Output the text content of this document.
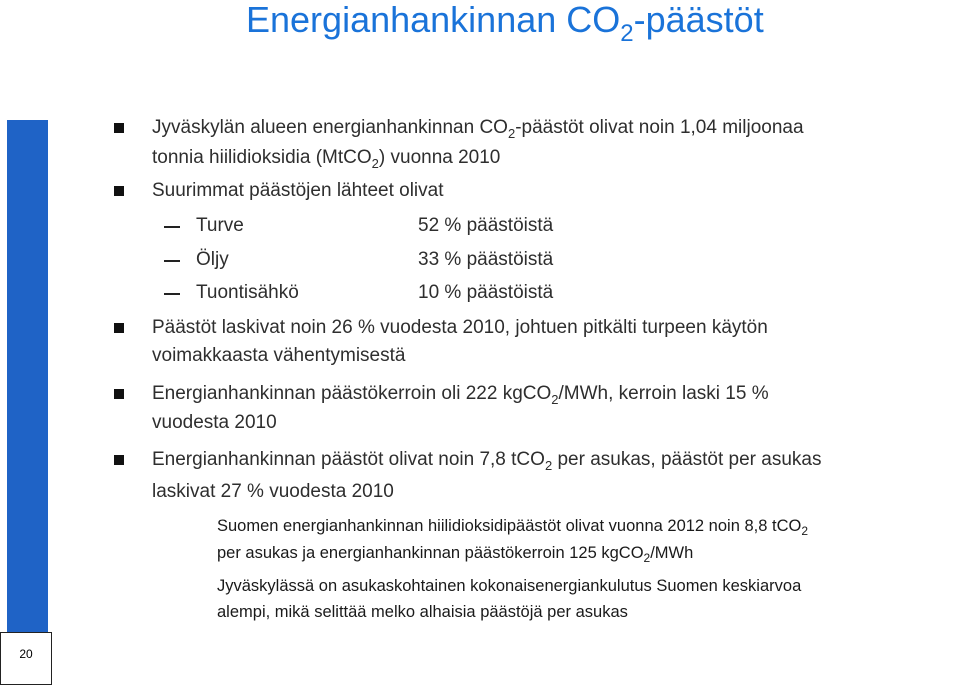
20
Energianhankinnan $CO_2$-päästöt
Jyväskylän alueen energianhankinnan $CO_2$-päästöt olivat noin 1,04 miljoonaa
tonnia hiilidioksidia (MtCO$_2$) vuonna 2010
Suurimmat päästöjen lähteet olivat
Turve	52 % päästöistä
Öljy	33 % päästöistä
Tuontisähkö	10 % päästöistä
Päästöt laskivat noin 26 % vuodesta 2010, johtuen pitkälti turpeen käytön
voimakkaasta vähentymisestä
Energianhankinnan päästökerroin oli 222 kgCO$_2$/MWh, kerroin laski 15 %
vuodesta 2010
Energianhankinnan päästöt olivat noin 7,8 tCO$_2$ per asukas, päästöt per asukas
laskivat 27 % vuodesta 2010
Suomen energianhankinnan hiilidioksidipäästöt olivat vuonna 2012 noin 8,8 tCO$_2$
per asukas ja energianhankinnan päästökerroin 125 kgCO$_2$/MWh
Jyväskylässä on asukaskohtainen kokonaisenergiankulutus Suomen keskiarvoa
alempi, mikä selittää melko alhaisia päästöjä per asukas
